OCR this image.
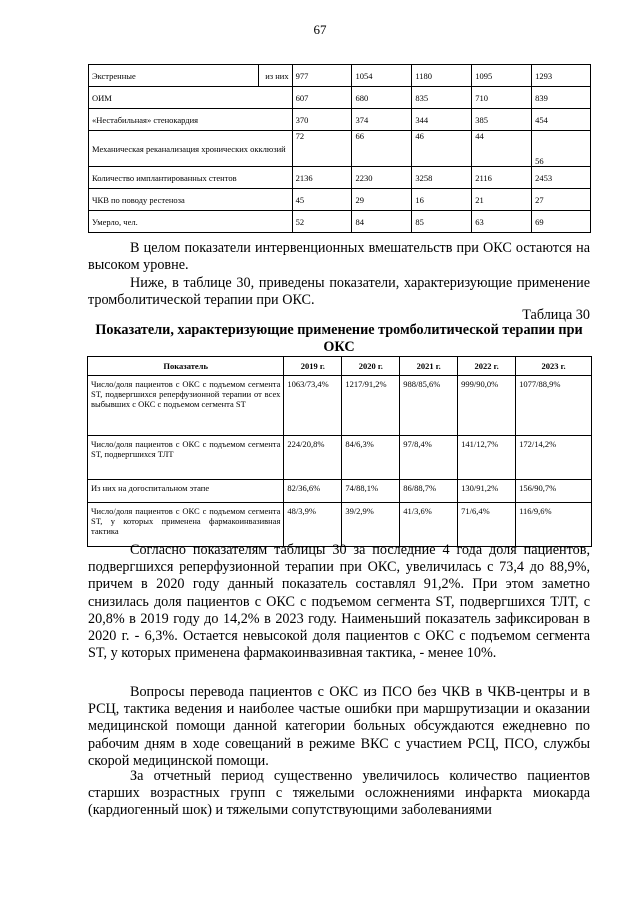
67
Экстренные	из них	977	1054	1180	1095	1293
ОИМ		607	680	835	710	839
«Нестабильная» стенокардия		370	374	344	385	454
Механическая реканализация хронических окклюзий		72	66	46	44	56
Количество имплантированных стентов		2136	2230	3258	2116	2453
ЧКВ по поводу рестеноза		45	29	16	21	27
Умерло, чел.		52	84	85	63	69

В целом показатели интервенционных вмешательств при ОКС остаются на высоком уровне.

Ниже, в таблице 30, приведены показатели, характеризующие применение тромболитической терапии при ОКС.

Таблица 30
Показатели, характеризующие применение тромболитической терапии при ОКС
Показатель	2019 г.	2020 г.	2021 г.	2022 г.	2023 г.
Число/доля пациентов с ОКС с подъемом сегмента ST, подвергшихся реперфузионной терапии от всех выбывших с ОКС с подъемом сегмента ST	1063/73,4%	1217/91,2%	988/85,6%	999/90,0%	1077/88,9%
Число/доля пациентов с ОКС с подъемом сегмента ST, подвергшихся ТЛТ	224/20,8%	84/6,3%	97/8,4%	141/12,7%	172/14,2%
Из них на догоспитальном этапе	82/36,6%	74/88,1%	86/88,7%	130/91,2%	156/90,7%
Число/доля пациентов с ОКС с подъемом сегмента ST, у которых применена фармакоинвазивная тактика	48/3,9%	39/2,9%	41/3,6%	71/6,4%	116/9,6%

Согласно показателям таблицы 30 за последние 4 года доля пациентов, подвергшихся реперфузионной терапии при ОКС, увеличилась с 73,4 до 88,9%, причем в 2020 году данный показатель составлял 91,2%. При этом заметно снизилась доля пациентов с ОКС с подъемом сегмента ST, подвергшихся ТЛТ, с 20,8% в 2019 году до 14,2% в 2023 году. Наименьший показатель зафиксирован в 2020 г. - 6,3%. Остается невысокой доля пациентов с ОКС с подъемом сегмента ST, у которых применена фармакоинвазивная тактика, - менее 10%.

Вопросы перевода пациентов с ОКС из ПСО без ЧКВ в ЧКВ-центры и в РСЦ, тактика ведения и наиболее частые ошибки при маршрутизации и оказании медицинской помощи данной категории больных обсуждаются ежедневно по рабочим дням в ходе совещаний в режиме ВКС с участием РСЦ, ПСО, службы скорой медицинской помощи.

За отчетный период существенно увеличилось количество пациентов старших возрастных групп с тяжелыми осложнениями инфаркта миокарда (кардиогенный шок) и тяжелыми сопутствующими заболеваниями
